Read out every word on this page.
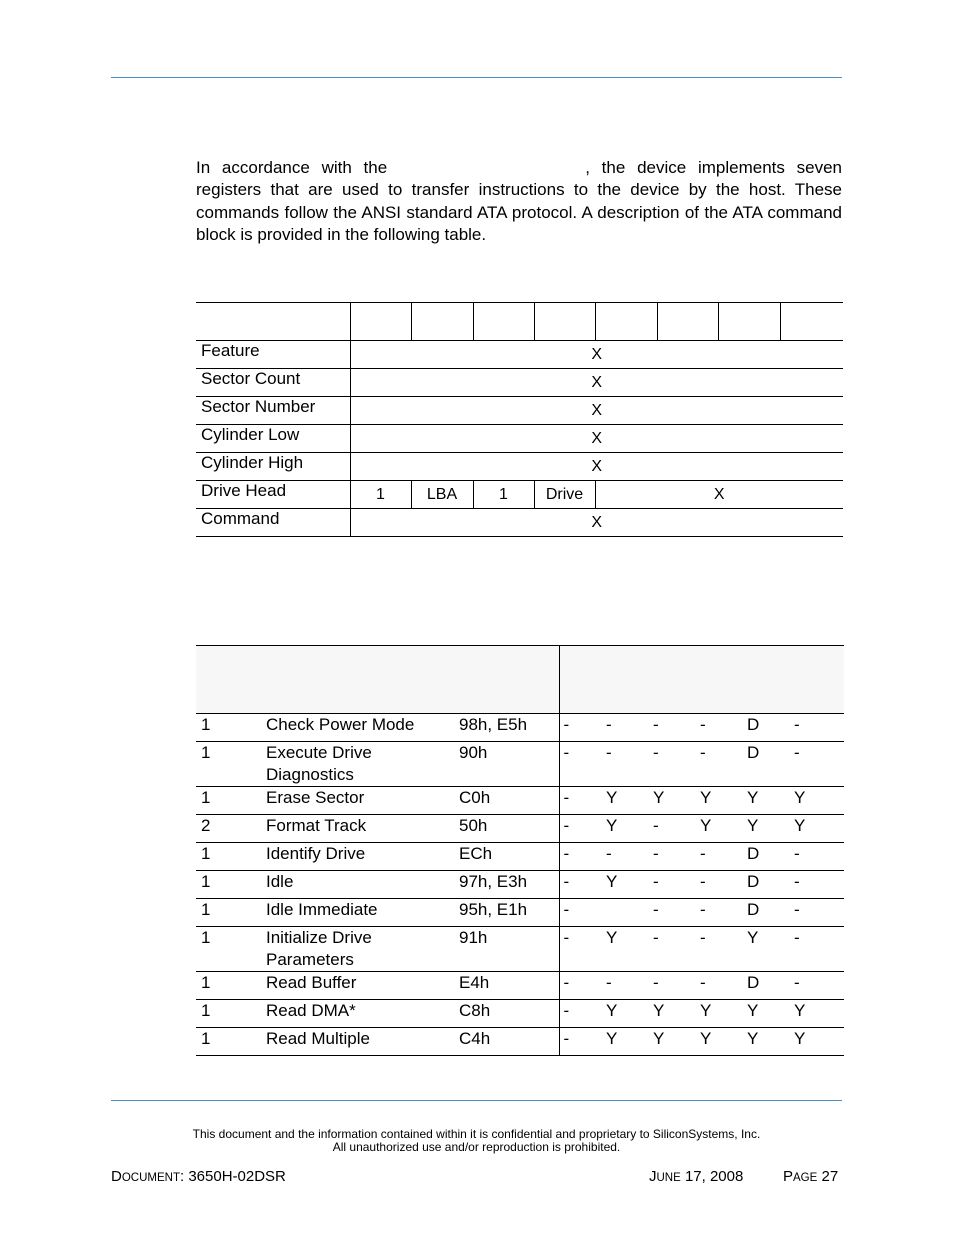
In accordance with the	, the device implements seven registers that are used to transfer instructions to the device by the host. These commands follow the ANSI standard ATA protocol. A description of the ATA command block is provided in the following table.

Feature	X							
Sector Count	X							
Sector Number	X							
Cylinder Low	X							
Cylinder High	X							
Drive Head	1	LBA	1	Drive	X			
Command	X							

1	Check Power Mode	98h, E5h	-	-	-	-	D	-
1	Execute Drive Diagnostics	90h	-	-	-	-	D	-
1	Erase Sector	C0h	-	Y	Y	Y	Y	Y
2	Format Track	50h	-	Y	-	Y	Y	Y
1	Identify Drive	ECh	-	-	-	-	D	-
1	Idle	97h, E3h	-	Y	-	-	D	-
1	Idle Immediate	95h, E1h	-		-	-	D	-
1	Initialize Drive Parameters	91h	-	Y	-	-	Y	-
1	Read Buffer	E4h	-	-	-	-	D	-
1	Read DMA*	C8h	-	Y	Y	Y	Y	Y
1	Read Multiple	C4h	-	Y	Y	Y	Y	Y
This document and the information contained within it is confidential and proprietary to SiliconSystems, Inc.
All unauthorized use and/or reproduction is prohibited.
DOCUMENT: 3650H-02DSR	JUNE 17, 2008	PAGE 27
